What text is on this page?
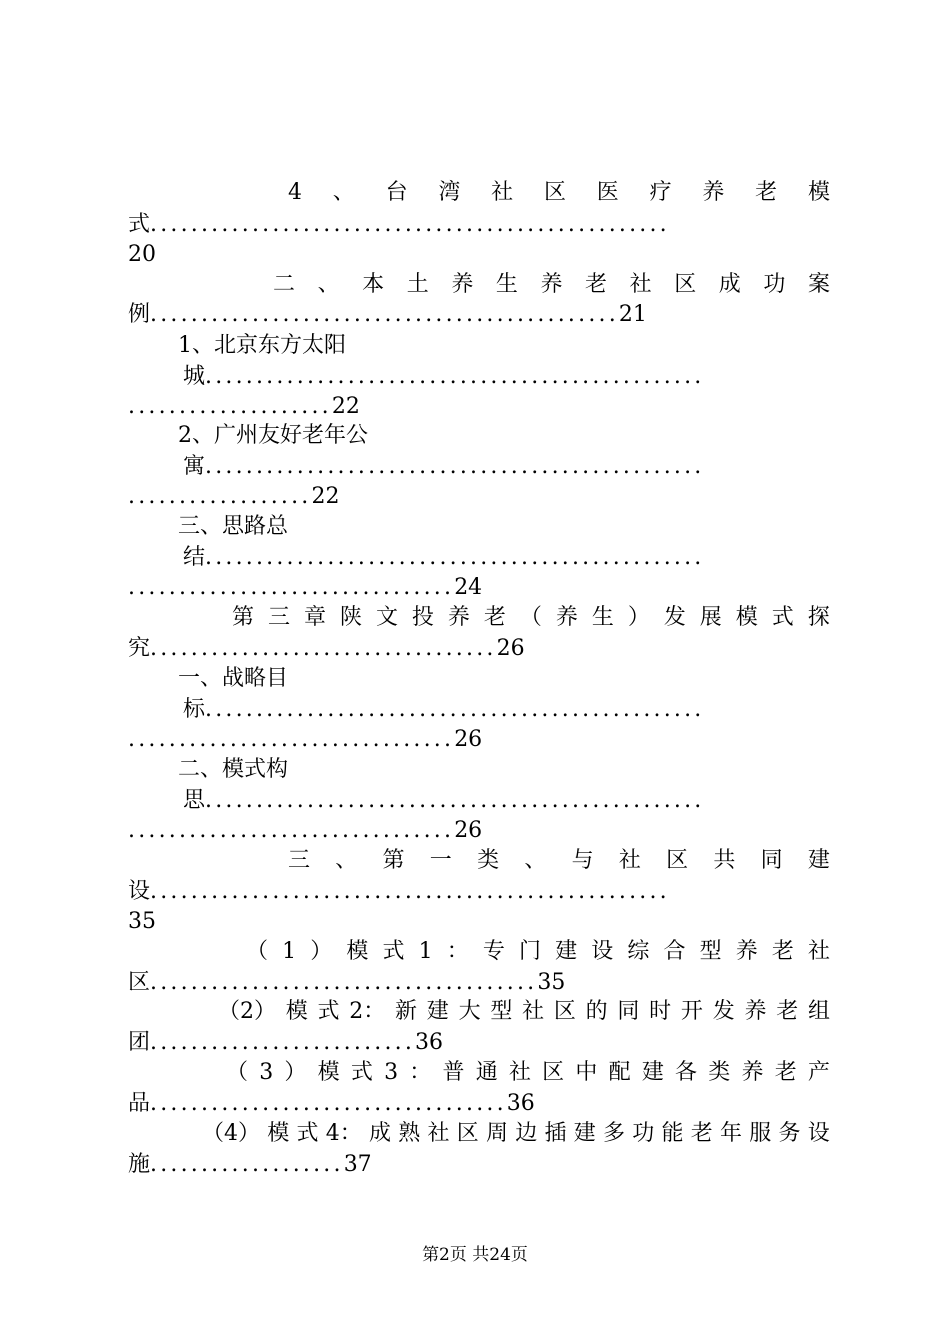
4 、 台 湾 社 区 医 疗 养 老 模
式...................................................
20
二 、 本 土 养 生 养 老 社 区 成 功 案
例..............................................21
1、北京东方太阳
城.................................................
....................22
2、广州友好老年公
寓.................................................
..................22
三、思路总
结.................................................
................................24
第 三 章 陕 文 投 养 老 （ 养 生 ） 发 展 模 式 探
究..................................26
一、战略目
标.................................................
................................26
二、模式构
思.................................................
................................26
三 、 第 一 类 、 与 社 区 共 同 建
设...................................................
35
（ 1 ） 模 式 1 ： 专 门 建 设 综 合 型 养 老 社
区......................................35
（2） 模 式 2： 新 建 大 型 社 区 的 同 时 开 发 养 老 组
团..........................36
（ 3 ） 模 式 3 ： 普 通 社 区 中 配 建 各 类 养 老 产
品...................................36
（4） 模 式 4： 成 熟 社 区 周 边 插 建 多 功 能 老 年 服 务 设
施...................37
第2页 共24页
